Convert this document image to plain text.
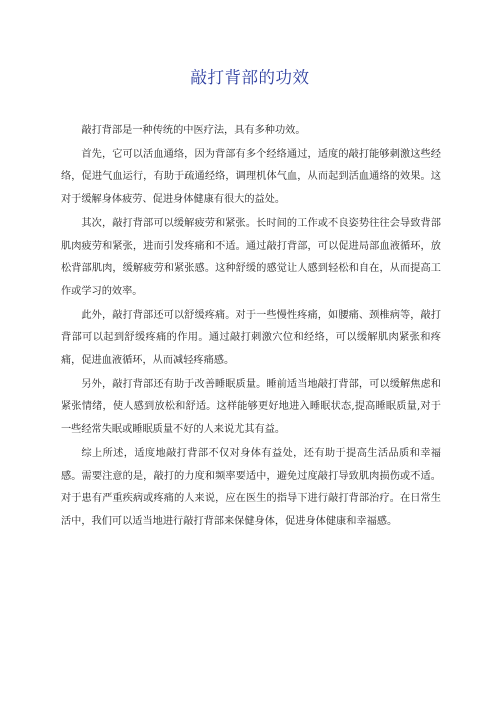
敲打背部的功效

敲打背部是一种传统的中医疗法，具有多种功效。

首先，它可以活血通络，因为背部有多个经络通过，适度的敲打能够刺激这些经络，促进气血运行，有助于疏通经络，调理机体气血，从而起到活血通络的效果。这对于缓解身体疲劳、促进身体健康有很大的益处。

其次，敲打背部可以缓解疲劳和紧张。长时间的工作或不良姿势往往会导致背部肌肉疲劳和紧张，进而引发疼痛和不适。通过敲打背部，可以促进局部血液循环，放松背部肌肉，缓解疲劳和紧张感。这种舒缓的感觉让人感到轻松和自在，从而提高工作或学习的效率。

此外，敲打背部还可以舒缓疼痛。对于一些慢性疼痛，如腰痛、颈椎病等，敲打背部可以起到舒缓疼痛的作用。通过敲打刺激穴位和经络，可以缓解肌肉紧张和疼痛，促进血液循环，从而减轻疼痛感。

另外，敲打背部还有助于改善睡眠质量。睡前适当地敲打背部，可以缓解焦虑和紧张情绪，使人感到放松和舒适。这样能够更好地进入睡眠状态,提高睡眠质量,对于一些经常失眠或睡眠质量不好的人来说尤其有益。

综上所述，适度地敲打背部不仅对身体有益处，还有助于提高生活品质和幸福感。需要注意的是，敲打的力度和频率要适中，避免过度敲打导致肌肉损伤或不适。对于患有严重疾病或疼痛的人来说，应在医生的指导下进行敲打背部治疗。在日常生活中，我们可以适当地进行敲打背部来保健身体，促进身体健康和幸福感。
